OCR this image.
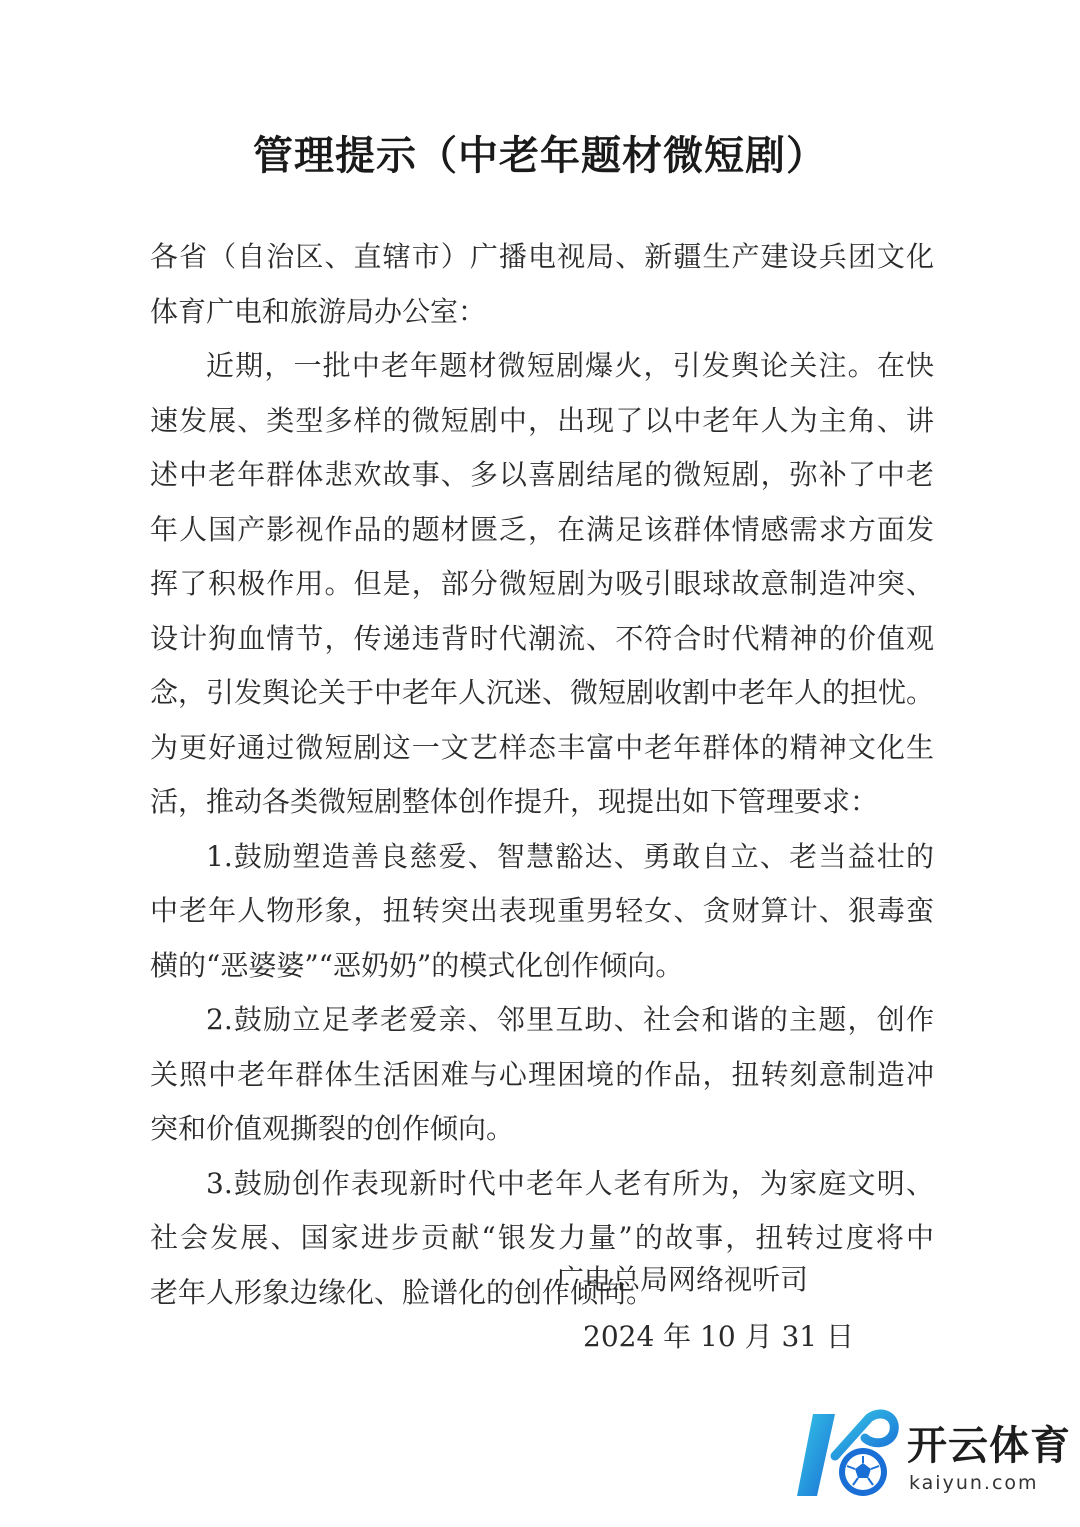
管理提示（中老年题材微短剧）
各省（自治区、直辖市）广播电视局、新疆生产建设兵团文化
体育广电和旅游局办公室：
近期，一批中老年题材微短剧爆火，引发舆论关注。在快
速发展、类型多样的微短剧中，出现了以中老年人为主角、讲
述中老年群体悲欢故事、多以喜剧结尾的微短剧，弥补了中老
年人国产影视作品的题材匮乏，在满足该群体情感需求方面发
挥了积极作用。但是，部分微短剧为吸引眼球故意制造冲突、
设计狗血情节，传递违背时代潮流、不符合时代精神的价值观
念，引发舆论关于中老年人沉迷、微短剧收割中老年人的担忧。
为更好通过微短剧这一文艺样态丰富中老年群体的精神文化生
活，推动各类微短剧整体创作提升，现提出如下管理要求：
1.鼓励塑造善良慈爱、智慧豁达、勇敢自立、老当益壮的
中老年人物形象，扭转突出表现重男轻女、贪财算计、狠毒蛮
横的“恶婆婆”“恶奶奶”的模式化创作倾向。
2.鼓励立足孝老爱亲、邻里互助、社会和谐的主题，创作
关照中老年群体生活困难与心理困境的作品，扭转刻意制造冲
突和价值观撕裂的创作倾向。
3.鼓励创作表现新时代中老年人老有所为，为家庭文明、
社会发展、国家进步贡献“银发力量”的故事，扭转过度将中
老年人形象边缘化、脸谱化的创作倾向。
广电总局网络视听司
2024 年 10 月 31 日
开云体育
kaiyun.com
